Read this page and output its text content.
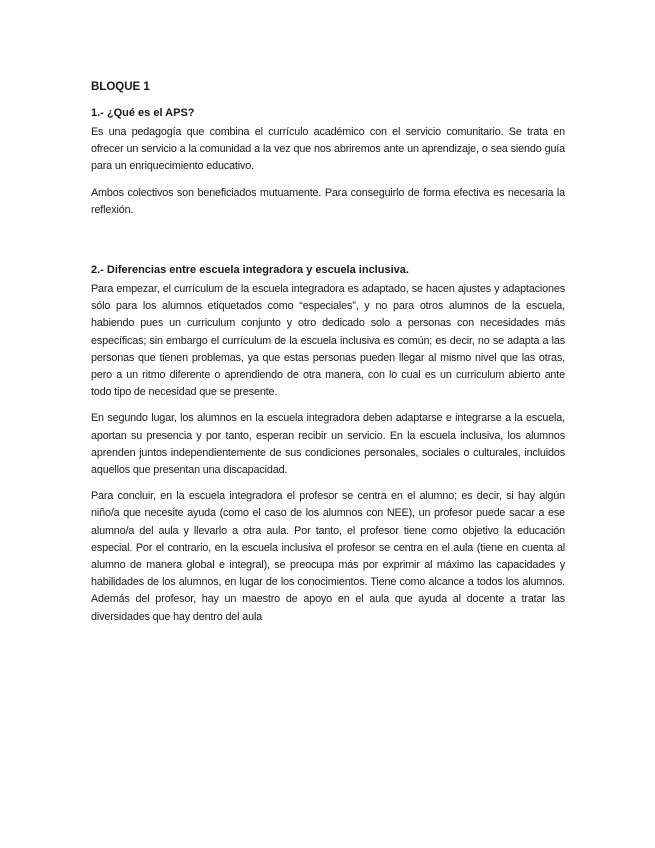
BLOQUE 1
1.- ¿Qué es el APS?

Es una pedagogía que combina el currículo académico con el servicio comunitario. Se trata en ofrecer un servicio a la comunidad a la vez que nos abriremos ante un aprendizaje, o sea siendo guía para un enriquecimiento educativo.

Ambos colectivos son beneficiados mutuamente. Para conseguirlo de forma efectiva es necesaria la reflexión.

2.- Diferencias entre escuela integradora y escuela inclusiva.

Para empezar, el currículum de la escuela integradora es adaptado, se hacen ajustes y adaptaciones sólo para los alumnos etiquetados como “especiales”, y no para otros alumnos de la escuela, habiendo pues un curriculum conjunto y otro dedicado solo a personas con necesidades más específicas; sin embargo el currículum de la escuela inclusiva es común; es decir, no se adapta a las personas que tienen problemas, ya que estas personas pueden llegar al mismo nivel que las otras, pero a un ritmo diferente o aprendiendo de otra manera, con lo cual es un curriculum abierto ante todo tipo de necesidad que se presente.

En segundo lugar, los alumnos en la escuela integradora deben adaptarse e integrarse a la escuela, aportan su presencia y por tanto, esperan recibir un servicio. En la escuela inclusiva, los alumnos aprenden juntos independientemente de sus condiciones personales, sociales o culturales, incluidos aquellos que presentan una discapacidad.

Para concluir, en la escuela integradora el profesor se centra en el alumno; es decir, si hay algún niño/a que necesite ayuda (como el caso de los alumnos con NEE), un profesor puede sacar a ese alumno/a del aula y llevarlo a otra aula. Por tanto, el profesor tiene como objetivo la educación especial. Por el contrario, en la escuela inclusiva el profesor se centra en el aula (tiene en cuenta al alumno de manera global e integral), se preocupa más por exprimir al máximo las capacidades y habilidades de los alumnos, en lugar de los conocimientos. Tiene como alcance a todos los alumnos. Además del profesor, hay un maestro de apoyo en el aula que ayuda al docente a tratar las diversidades que hay dentro del aula
